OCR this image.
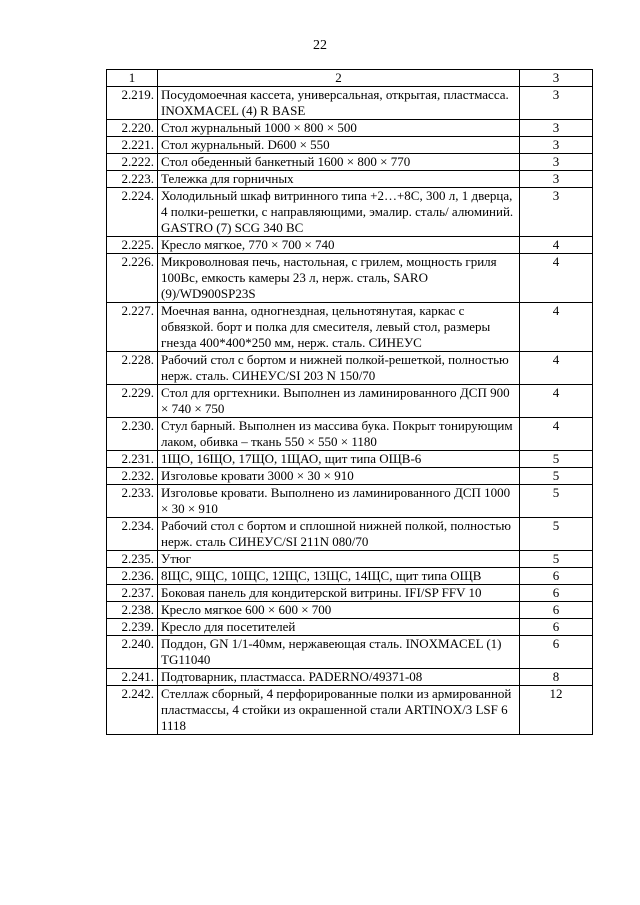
22
1	2	3
2.219.	Посудомоечная кассета, универсальная, открытая, пластмасса. INOXMACEL (4) R BASE	3
2.220.	Стол журнальный 1000 × 800 × 500	3
2.221.	Стол журнальный. D600 × 550	3
2.222.	Стол обеденный банкетный 1600 × 800 × 770	3
2.223.	Тележка для горничных	3
2.224.	Холодильный шкаф витринного типа +2…+8С, 300 л, 1 дверца, 4 полки-решетки, с направляющими, эмалир. сталь/ алюминий. GASTRO (7) SCG 340 BC	3
2.225.	Кресло мягкое, 770 × 700 × 740	4
2.226.	Микроволновая печь, настольная, с грилем, мощность гриля 100Вс, емкость камеры 23 л, нерж. сталь, SARO (9)/WD900SP23S	4
2.227.	Моечная ванна, одногнездная, цельнотянутая, каркас с обвязкой. борт и полка для смесителя, левый стол, размеры гнезда 400*400*250 мм, нерж. сталь. СИНЕУС	4
2.228.	Рабочий стол с бортом и нижней полкой-решеткой, полностью нерж. сталь. СИНЕУС/SI 203 N 150/70	4
2.229.	Стол для оргтехники. Выполнен из ламинированного ДСП 900 × 740 × 750	4
2.230.	Стул барный. Выполнен из массива бука. Покрыт тонирующим лаком, обивка – ткань 550 × 550 × 1180	4
2.231.	1ЩО, 16ЩО, 17ЩО, 1ЩАО, щит типа ОЩВ-6	5
2.232.	Изголовье кровати 3000 × 30 × 910	5
2.233.	Изголовье кровати. Выполнено из ламинированного ДСП 1000 × 30 × 910	5
2.234.	Рабочий стол с бортом и сплошной нижней полкой, полностью нерж. сталь СИНЕУС/SI 211N 080/70	5
2.235.	Утюг	5
2.236.	8ЩС, 9ЩС, 10ЩС, 12ЩС, 13ЩС, 14ЩС, щит типа ОЩВ	6
2.237.	Боковая панель для кондитерской витрины. IFI/SP FFV 10	6
2.238.	Кресло мягкое 600 × 600 × 700	6
2.239.	Кресло для посетителей	6
2.240.	Поддон, GN 1/1-40мм, нержавеющая сталь. INOXMACEL (1) TG11040	6
2.241.	Подтоварник, пластмасса. PADERNO/49371-08	8
2.242.	Стеллаж сборный, 4 перфорированные полки из армированной пластмассы, 4 стойки из окрашенной стали ARTINOX/3 LSF 6 1118	12
